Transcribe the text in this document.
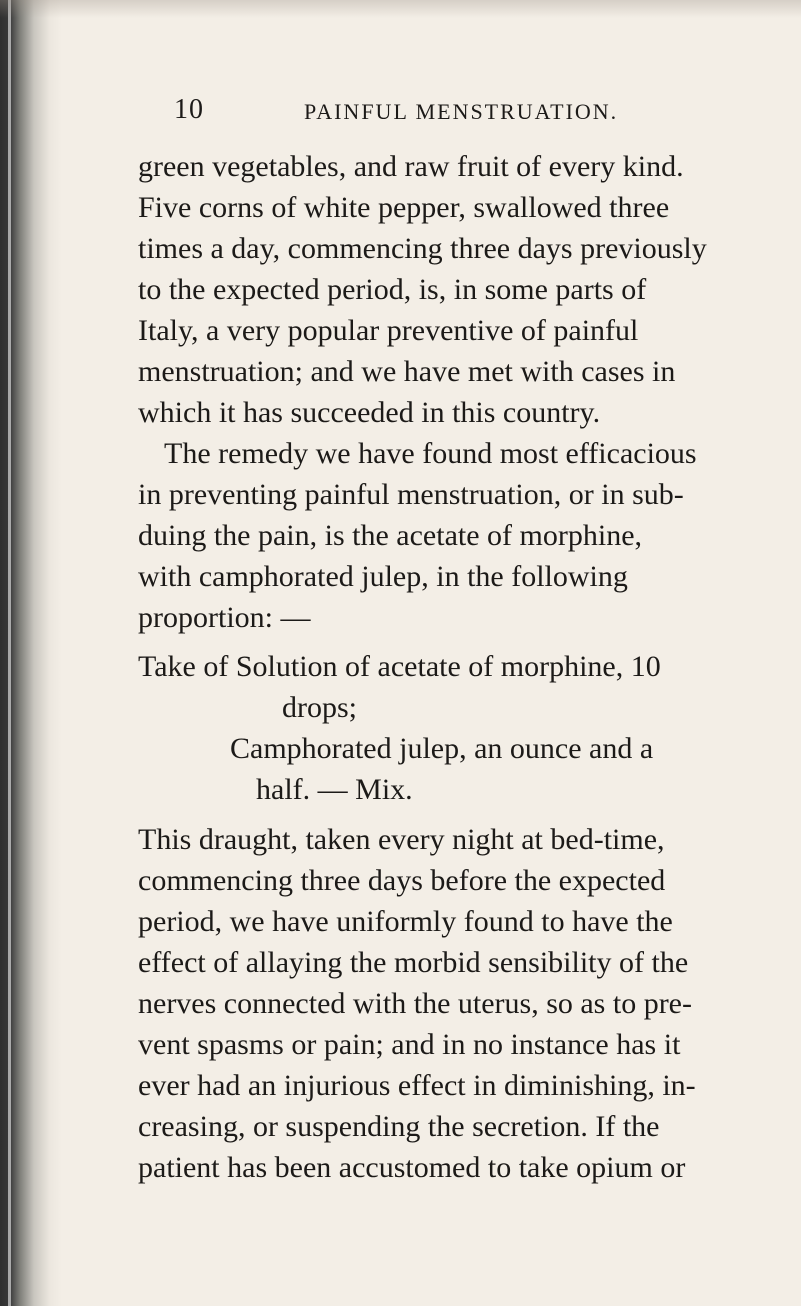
10	PAINFUL MENSTRUATION.
green vegetables, and raw fruit of every kind.
Five corns of white pepper, swallowed three
times a day, commencing three days previously
to the expected period, is, in some parts of
Italy, a very popular preventive of painful
menstruation; and we have met with cases in
which it has succeeded in this country.
The remedy we have found most efficacious
in preventing painful menstruation, or in sub-
duing the pain, is the acetate of morphine,
with camphorated julep, in the following
proportion: —
Take of Solution of acetate of morphine, 10
drops;
Camphorated julep, an ounce and a
half. — Mix.
This draught, taken every night at bed-time,
commencing three days before the expected
period, we have uniformly found to have the
effect of allaying the morbid sensibility of the
nerves connected with the uterus, so as to pre-
vent spasms or pain; and in no instance has it
ever had an injurious effect in diminishing, in-
creasing, or suspending the secretion. If the
patient has been accustomed to take opium or
